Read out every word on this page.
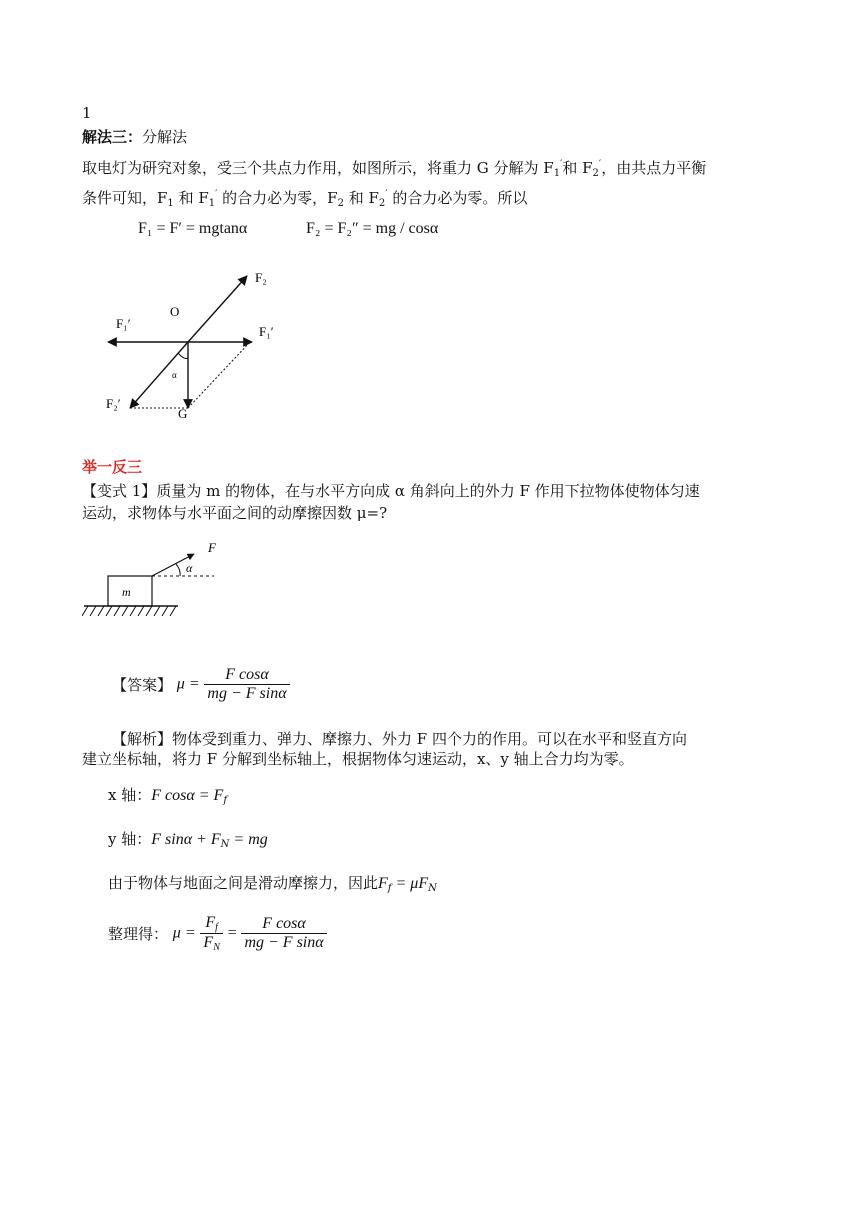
1
解法三：分解法
取电灯为研究对象，受三个共点力作用，如图所示，将重力 G 分解为 $F_1'$和 $F_2'$，由共点力平衡
条件可知，$F_1$ 和 $F_1'$ 的合力必为零，$F_2$ 和 $F_2'$ 的合力必为零。所以
F₁ = F′ = mgtanα	F₂ = F₂″ = mg / cosα
F₂
O
F₁′
F₁′
α
F₂′
G
举一反三
【变式 1】质量为 m 的物体，在与水平方向成 α 角斜向上的外力 F 作用下拉物体使物体匀速
运动，求物体与水平面之间的动摩擦因数 μ=?
m
F
α
【答案】 $\mu = \frac{\text{F cosα}}{\text{mg − F sinα}}$
【解析】物体受到重力、弹力、摩擦力、外力 F 四个力的作用。可以在水平和竖直方向
建立坐标轴，将力 F 分解到坐标轴上，根据物体匀速运动，x、y 轴上合力均为零。
x 轴：F $\cos\alpha = F_f$
y 轴：F $\sin\alpha + F_N$ = mg
由于物体与地面之间是滑动摩擦力，因此$F_f = \mu F_N$
整理得： $\mu = \frac{F_f}{F_N} = \frac{\text{F cosα}}{\text{mg − F sinα}}$
